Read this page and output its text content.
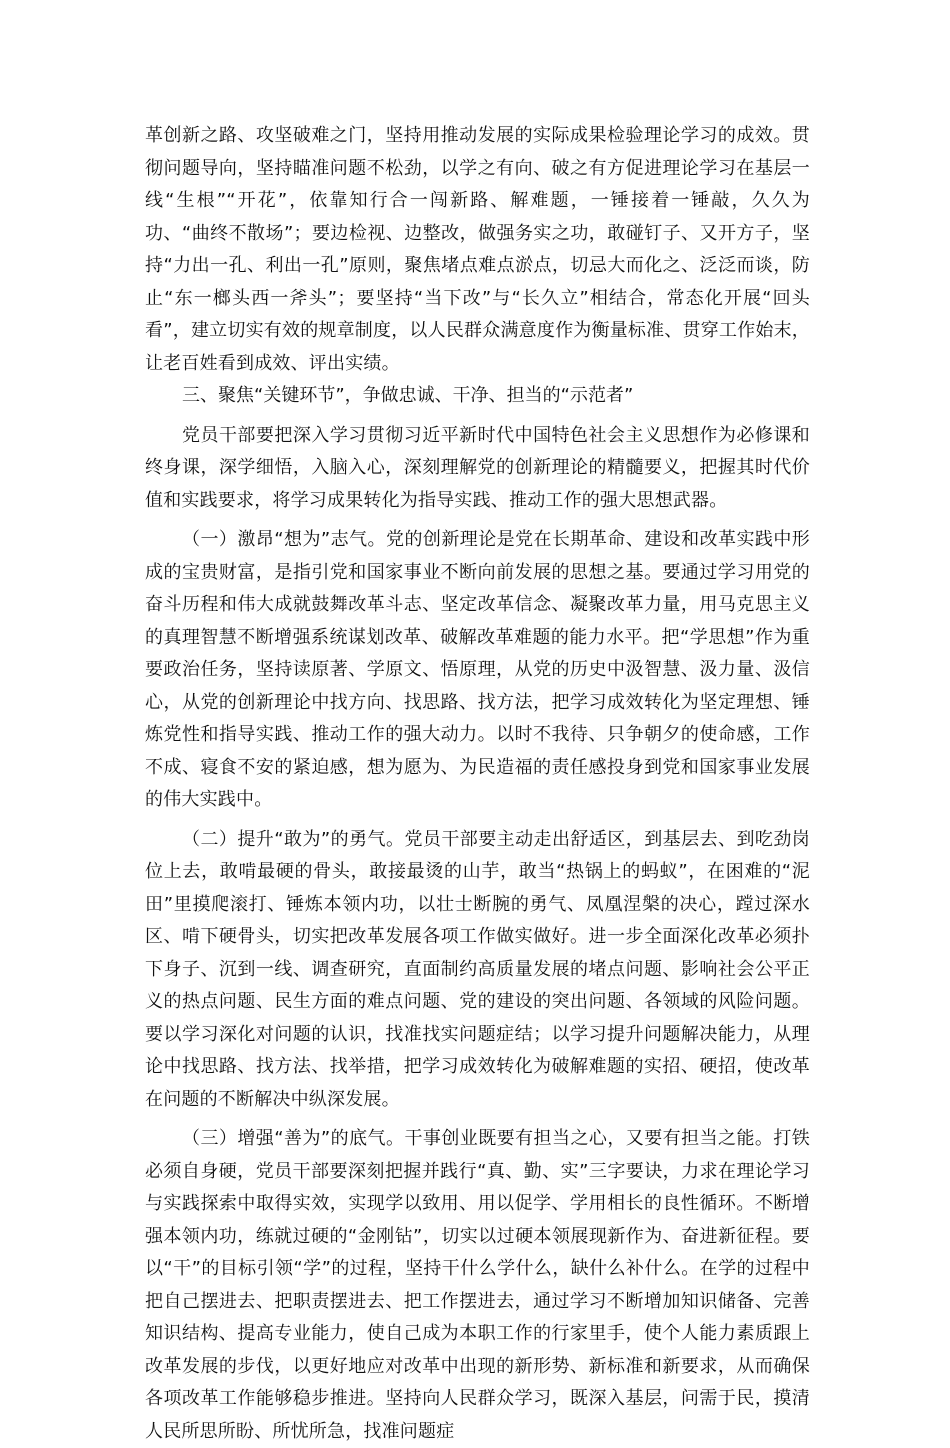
革创新之路、攻坚破难之门，坚持用推动发展的实际成果检验理论学习的成效。贯彻问题导向，坚持瞄准问题不松劲，以学之有向、破之有方促进理论学习在基层一线“生根”“开花”，依靠知行合一闯新路、解难题，一锤接着一锤敲，久久为功、“曲终不散场”；要边检视、边整改，做强务实之功，敢碰钉子、又开方子，坚持“力出一孔、利出一孔”原则，聚焦堵点难点淤点，切忌大而化之、泛泛而谈，防止“东一榔头西一斧头”；要坚持“当下改”与“长久立”相结合，常态化开展“回头看”，建立切实有效的规章制度，以人民群众满意度作为衡量标准、贯穿工作始末，让老百姓看到成效、评出实绩。

三、聚焦“关键环节”，争做忠诚、干净、担当的“示范者”

党员干部要把深入学习贯彻习近平新时代中国特色社会主义思想作为必修课和终身课，深学细悟，入脑入心，深刻理解党的创新理论的精髓要义，把握其时代价值和实践要求，将学习成果转化为指导实践、推动工作的强大思想武器。

（一）激昂“想为”志气。党的创新理论是党在长期革命、建设和改革实践中形成的宝贵财富，是指引党和国家事业不断向前发展的思想之基。要通过学习用党的奋斗历程和伟大成就鼓舞改革斗志、坚定改革信念、凝聚改革力量，用马克思主义的真理智慧不断增强系统谋划改革、破解改革难题的能力水平。把“学思想”作为重要政治任务，坚持读原著、学原文、悟原理，从党的历史中汲智慧、汲力量、汲信心，从党的创新理论中找方向、找思路、找方法，把学习成效转化为坚定理想、锤炼党性和指导实践、推动工作的强大动力。以时不我待、只争朝夕的使命感，工作不成、寝食不安的紧迫感，想为愿为、为民造福的责任感投身到党和国家事业发展的伟大实践中。

（二）提升“敢为”的勇气。党员干部要主动走出舒适区，到基层去、到吃劲岗位上去，敢啃最硬的骨头，敢接最烫的山芋，敢当“热锅上的蚂蚁”，在困难的“泥田”里摸爬滚打、锤炼本领内功，以壮士断腕的勇气、凤凰涅槃的决心，蹚过深水区、啃下硬骨头，切实把改革发展各项工作做实做好。进一步全面深化改革必须扑下身子、沉到一线、调查研究，直面制约高质量发展的堵点问题、影响社会公平正义的热点问题、民生方面的难点问题、党的建设的突出问题、各领域的风险问题。要以学习深化对问题的认识，找准找实问题症结；以学习提升问题解决能力，从理论中找思路、找方法、找举措，把学习成效转化为破解难题的实招、硬招，使改革在问题的不断解决中纵深发展。

（三）增强“善为”的底气。干事创业既要有担当之心，又要有担当之能。打铁必须自身硬，党员干部要深刻把握并践行“真、勤、实”三字要诀，力求在理论学习与实践探索中取得实效，实现学以致用、用以促学、学用相长的良性循环。不断增强本领内功，练就过硬的“金刚钻”，切实以过硬本领展现新作为、奋进新征程。要以“干”的目标引领“学”的过程，坚持干什么学什么，缺什么补什么。在学的过程中把自己摆进去、把职责摆进去、把工作摆进去，通过学习不断增加知识储备、完善知识结构、提高专业能力，使自己成为本职工作的行家里手，使个人能力素质跟上改革发展的步伐，以更好地应对改革中出现的新形势、新标准和新要求，从而确保各项改革工作能够稳步推进。坚持向人民群众学习，既深入基层，问需于民，摸清人民所思所盼、所忧所急，找准问题症
